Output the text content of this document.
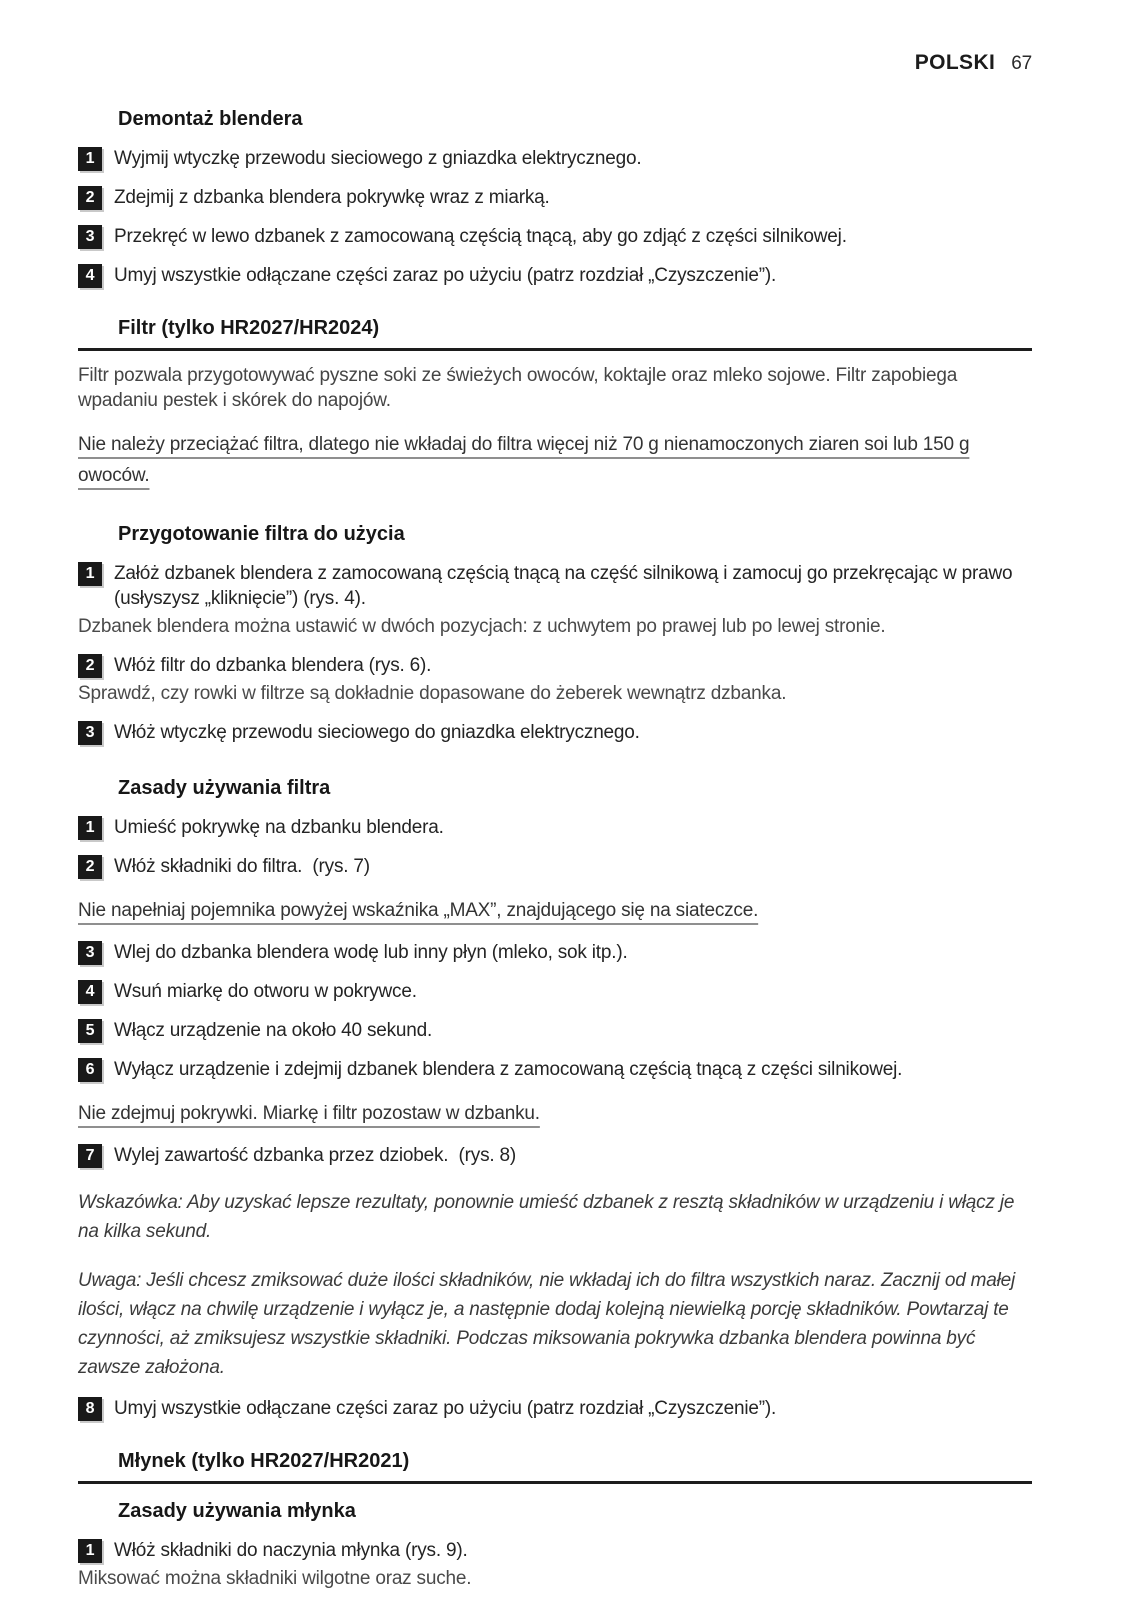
POLSKI 67
Demontaż blendera
1	Wyjmij wtyczkę przewodu sieciowego z gniazdka elektrycznego.
2	Zdejmij z dzbanka blendera pokrywkę wraz z miarką.
3	Przekręć w lewo dzbanek z zamocowaną częścią tnącą, aby go zdjąć z części silnikowej.
4	Umyj wszystkie odłączane części zaraz po użyciu (patrz rozdział „Czyszczenie”).
Filtr (tylko HR2027/HR2024)
Filtr pozwala przygotowywać pyszne soki ze świeżych owoców, koktajle oraz mleko sojowe. Filtr zapobiega wpadaniu pestek i skórek do napojów.
Nie należy przeciążać filtra, dlatego nie wkładaj do filtra więcej niż 70 g nienamoczonych ziaren soi lub 150 g owoców.
Przygotowanie filtra do użycia
1	Załóż dzbanek blendera z zamocowaną częścią tnącą na część silnikową i zamocuj go przekręcając w prawo (usłyszysz „kliknięcie”) (rys. 4).
Dzbanek blendera można ustawić w dwóch pozycjach: z uchwytem po prawej lub po lewej stronie.
2	Włóż filtr do dzbanka blendera (rys. 6).
Sprawdź, czy rowki w filtrze są dokładnie dopasowane do żeberek wewnątrz dzbanka.
3	Włóż wtyczkę przewodu sieciowego do gniazdka elektrycznego.
Zasady używania filtra
1	Umieść pokrywkę na dzbanku blendera.
2	Włóż składniki do filtra.  (rys. 7)
Nie napełniaj pojemnika powyżej wskaźnika „MAX”, znajdującego się na siateczce.
3	Wlej do dzbanka blendera wodę lub inny płyn (mleko, sok itp.).
4	Wsuń miarkę do otworu w pokrywce.
5	Włącz urządzenie na około 40 sekund.
6	Wyłącz urządzenie i zdejmij dzbanek blendera z zamocowaną częścią tnącą z części silnikowej.
Nie zdejmuj pokrywki. Miarkę i filtr pozostaw w dzbanku.
7	Wylej zawartość dzbanka przez dziobek.  (rys. 8)
Wskazówka: Aby uzyskać lepsze rezultaty, ponownie umieść dzbanek z resztą składników w urządzeniu i włącz je na kilka sekund.
Uwaga: Jeśli chcesz zmiksować duże ilości składników, nie wkładaj ich do filtra wszystkich naraz. Zacznij od małej ilości, włącz na chwilę urządzenie i wyłącz je, a następnie dodaj kolejną niewielką porcję składników. Powtarzaj te czynności, aż zmiksujesz wszystkie składniki. Podczas miksowania pokrywka dzbanka blendera powinna być zawsze założona.
8	Umyj wszystkie odłączane części zaraz po użyciu (patrz rozdział „Czyszczenie”).
Młynek (tylko HR2027/HR2021)
Zasady używania młynka
1	Włóż składniki do naczynia młynka (rys. 9).
Miksować można składniki wilgotne oraz suche.
